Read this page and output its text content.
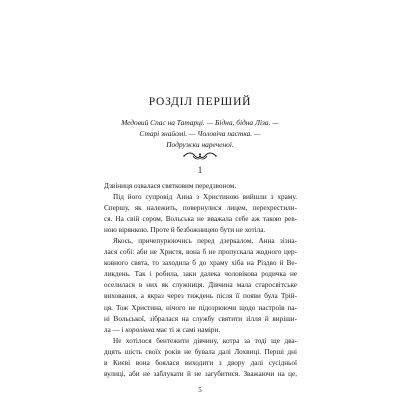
РОЗДІЛ ПЕРШИЙ
Медовий Спас на Татарці. — Бідна, бідна Ліза. —
Старі знайомі. — Чоловіча пастка. —
Подружки нареченої.
1
Дзвіниця озвалася святковим передзвоном.
Під його супровід Анна з Христиною вийшли з храму.
Спершу, як належить, повернулися лицем, перехрестили-
ся. На свій сором, Вольська не вважала себе аж такою рев-
ною вірянкою. Проте й безбожницею бути не хотіла.
Якось, причепурюючись перед дзеркалом, Анна зізна-
лася собі: аби не Христя, вона б не пропускала жодного цер-
ковного свята, то заходила б до храму хіба на Різдво й Ве-
ликдень. Так і робила, заки далека чоловікова родичка не
оселилася в них як служниця. Дівчина мала старосвітське
виховання, а якраз через тиждень після її появи була Трій-
ця. Тож Христина, нічого не підозрюючи щодо настроїв па-
ні Вольської, зібралася на службу святити зілля й виріши-
ла — і королівна має ті ж самі наміри.
Не хотілося бентежити дівчину, котра за тоді ще два-
дцять шість своїх років не бувала далі Лохвиці. Перші дні
в Києві вона боялася виходити з двору далі сусідньої
вулиці, аби не заблукати й не загубитися. Зважаючи на це,
5
